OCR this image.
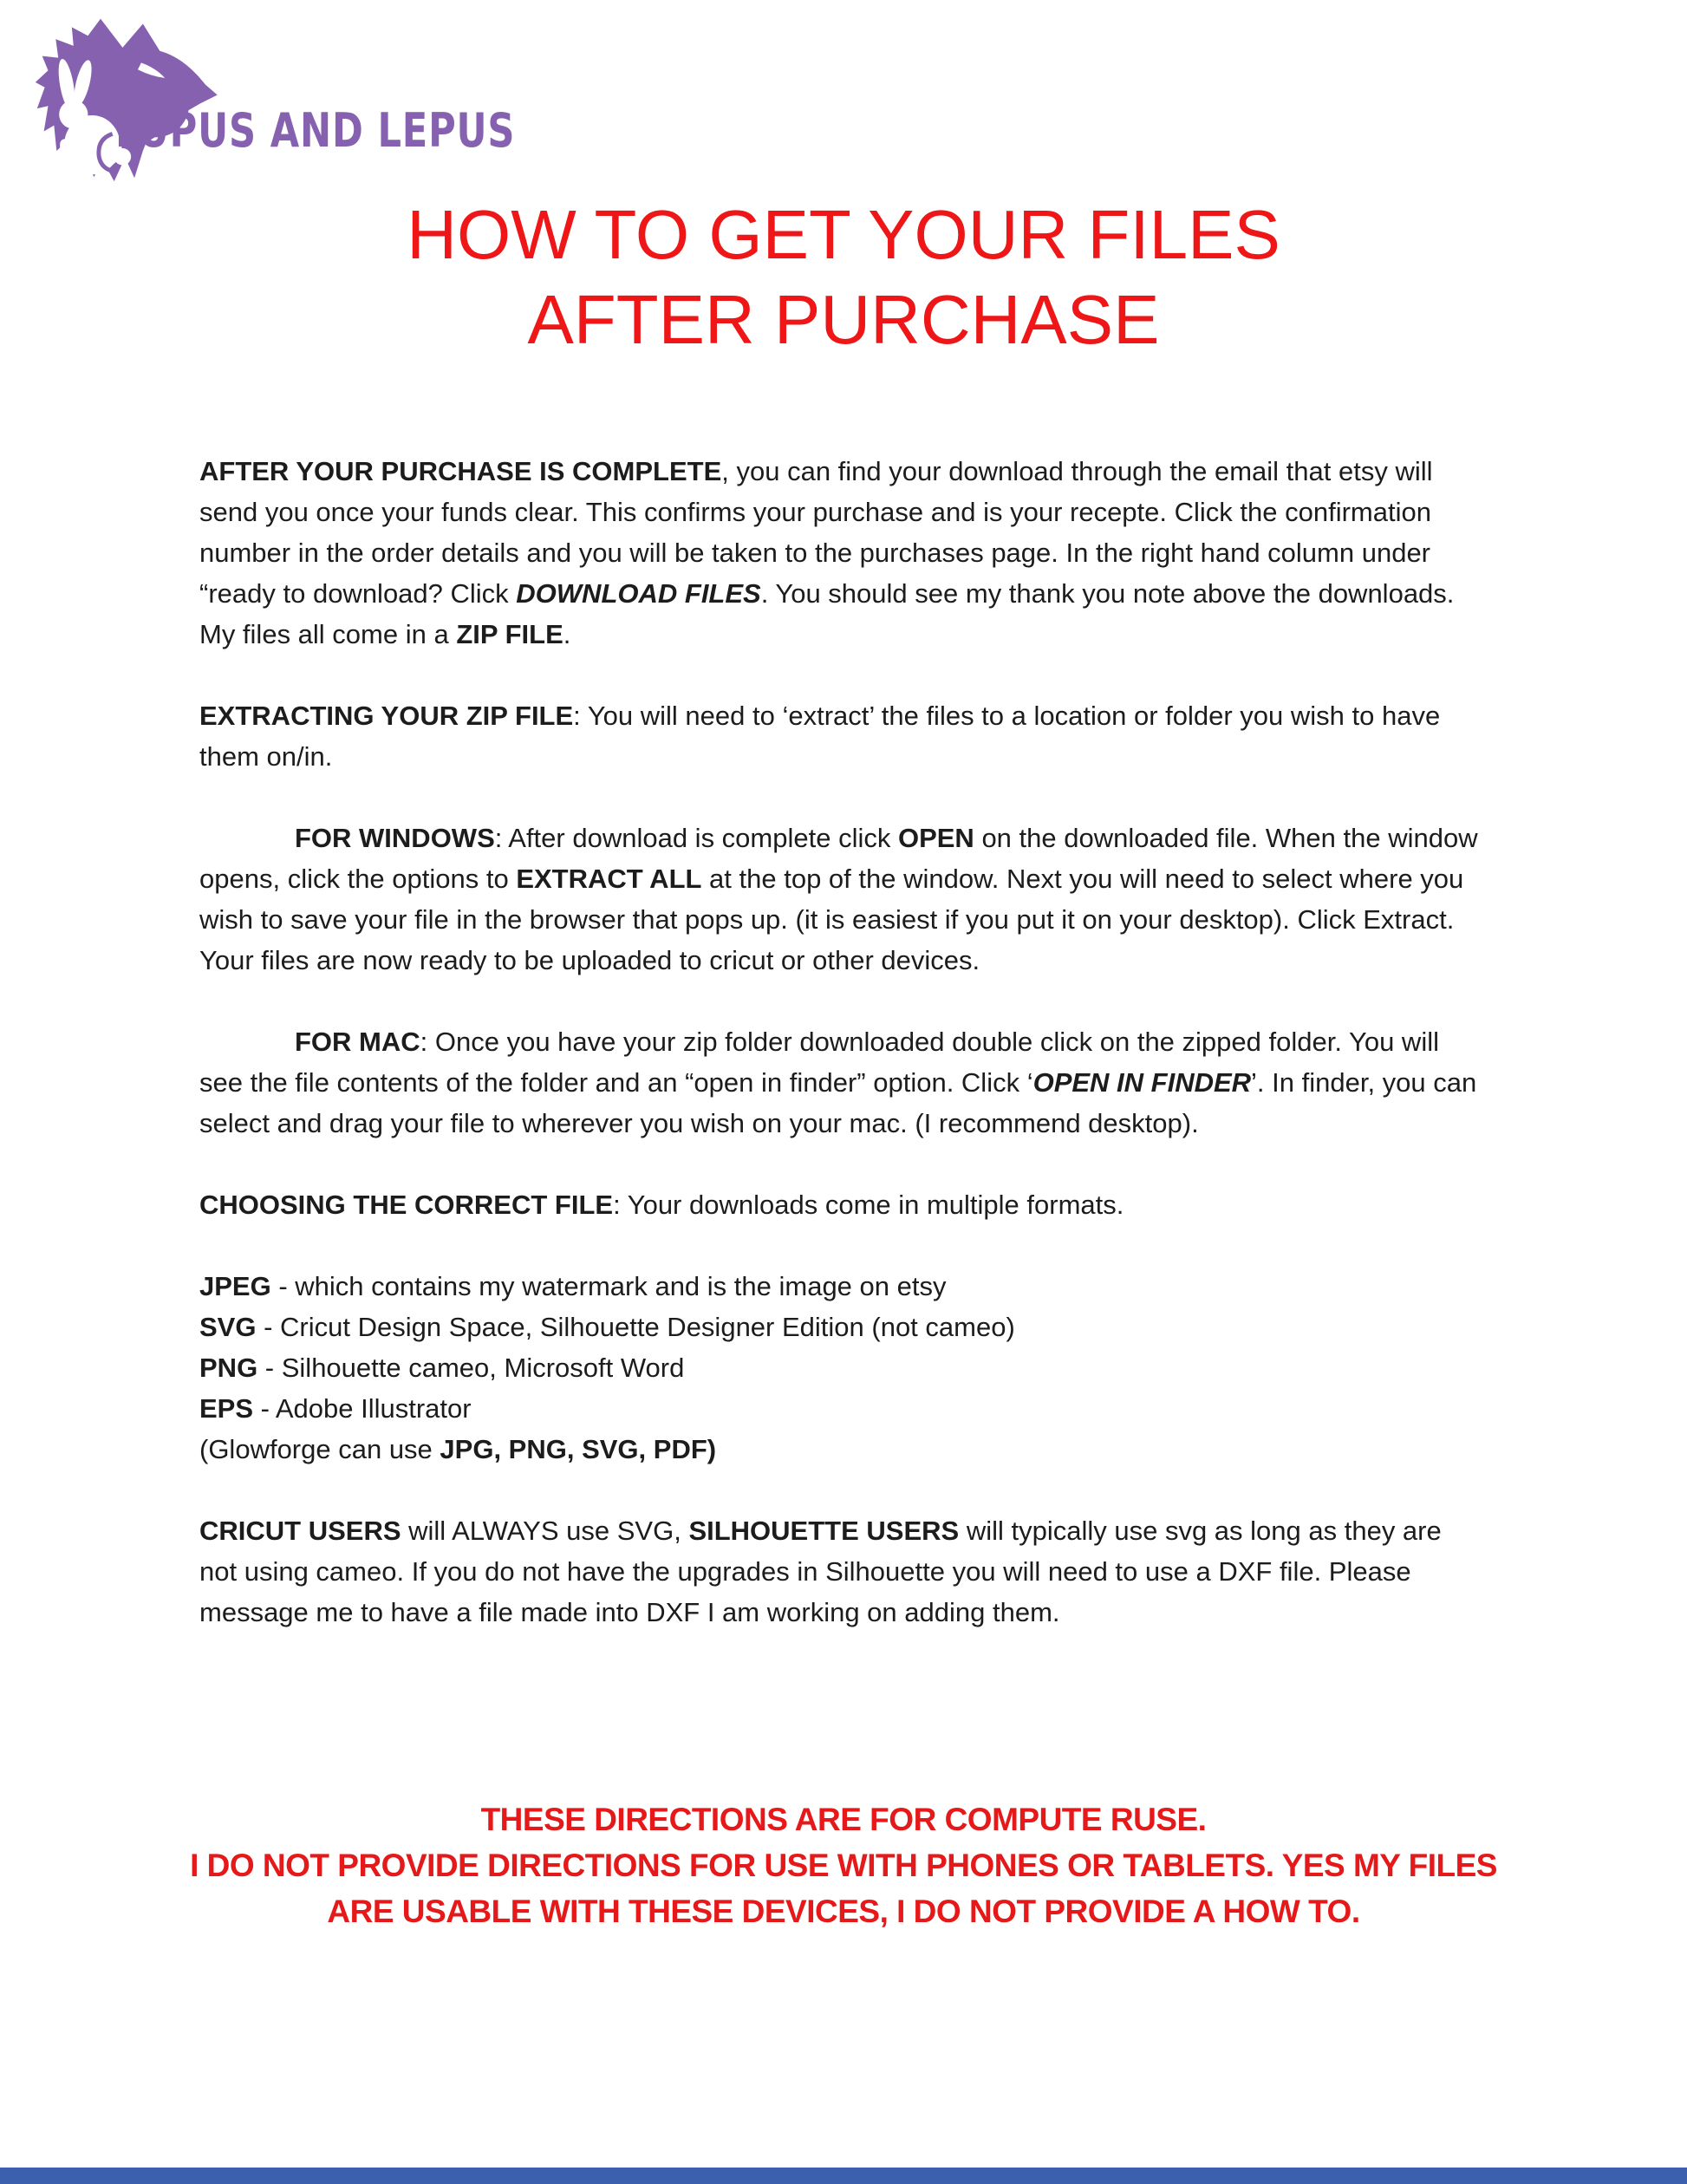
LUPUS AND LEPUS
HOW TO GET YOUR FILES
AFTER PURCHASE

AFTER YOUR PURCHASE IS COMPLETE, you can find your download through the email that etsy will send you once your funds clear. This confirms your purchase and is your recepte. Click the confirmation number in the order details and you will be taken to the purchases page. In the right hand column under “ready to download? Click DOWNLOAD FILES. You should see my thank you note above the downloads. My files all come in a ZIP FILE.

EXTRACTING YOUR ZIP FILE: You will need to ‘extract’ the files to a location or folder you wish to have them on/in.

FOR WINDOWS: After download is complete click OPEN on the downloaded file. When the window opens, click the options to EXTRACT ALL at the top of the window. Next you will need to select where you wish to save your file in the browser that pops up. (it is easiest if you put it on your desktop). Click Extract. Your files are now ready to be uploaded to cricut or other devices.

FOR MAC: Once you have your zip folder downloaded double click on the zipped folder. You will see the file contents of the folder and an “open in finder” option. Click ‘OPEN IN FINDER’. In finder, you can select and drag your file to wherever you wish on your mac. (I recommend desktop).

CHOOSING THE CORRECT FILE: Your downloads come in multiple formats.

JPEG - which contains my watermark and is the image on etsy
SVG - Cricut Design Space, Silhouette Designer Edition (not cameo)
PNG - Silhouette cameo, Microsoft Word
EPS - Adobe Illustrator
(Glowforge can use JPG, PNG, SVG, PDF)

CRICUT USERS will ALWAYS use SVG, SILHOUETTE USERS will typically use svg as long as they are not using cameo. If you do not have the upgrades in Silhouette you will need to use a DXF file. Please message me to have a file made into DXF I am working on adding them.

THESE DIRECTIONS ARE FOR COMPUTE RUSE.
I DO NOT PROVIDE DIRECTIONS FOR USE WITH PHONES OR TABLETS. YES MY FILES
ARE USABLE WITH THESE DEVICES, I DO NOT PROVIDE A HOW TO.
